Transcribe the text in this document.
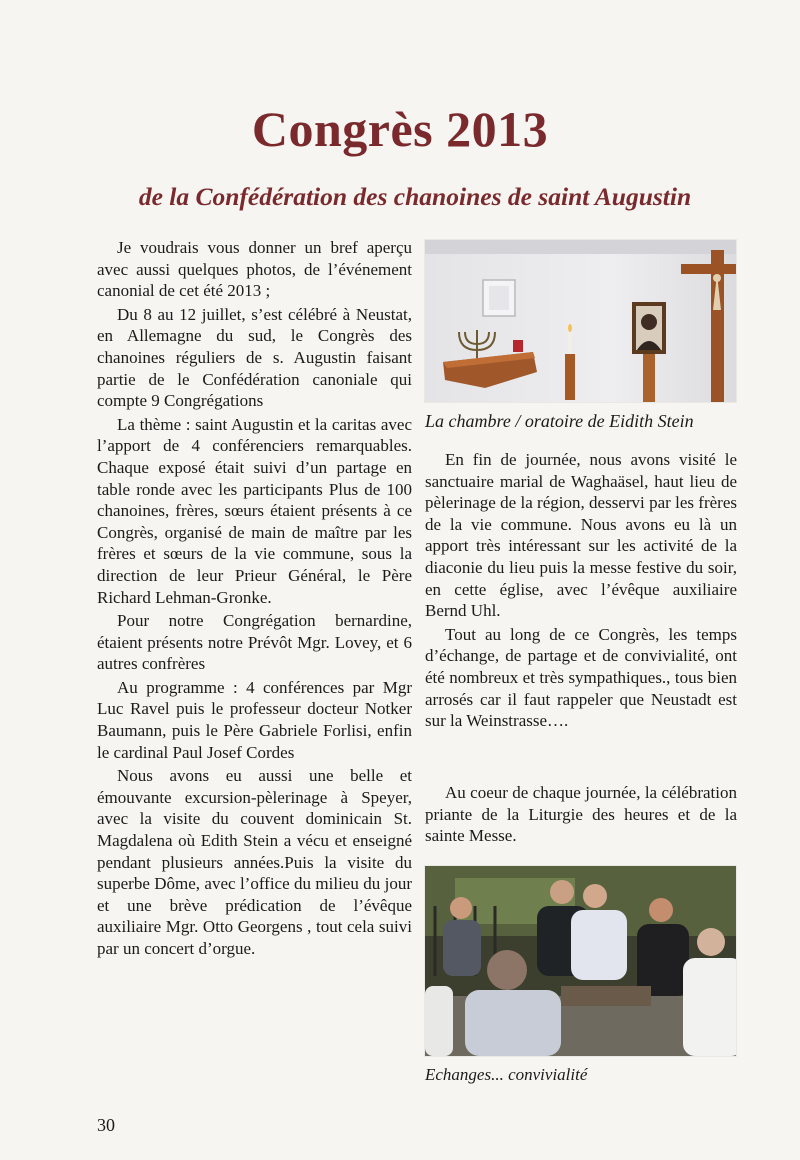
Congrès 2013
de la Confédération des chanoines de saint Augustin

Je voudrais vous donner un bref aperçu avec aussi quelques photos, de l’événement canonial de cet été 2013 ;

Du 8 au 12 juillet, s’est célébré à Neustat, en Allemagne du sud, le Congrès des chanoines réguliers de s. Augustin faisant partie de le Confédération canoniale qui compte 9 Congrégations

La thème : saint Augustin et la caritas avec l’apport de 4 conférenciers remarquables. Chaque exposé était suivi d’un partage en table ronde avec les participants Plus de 100 chanoines, frères, sœurs étaient présents à ce Congrès, organisé de main de maître par les frères et sœurs de la vie commune, sous la direction de leur Prieur Général, le Père Richard Lehman-Gronke.

Pour notre Congrégation bernardine, étaient présents notre Prévôt Mgr. Lovey, et 6 autres confrères

Au programme : 4 conférences par Mgr Luc Ravel puis le professeur docteur Notker Baumann, puis le Père Gabriele Forlisi, enfin le cardinal Paul Josef Cordes

Nous avons eu aussi une belle et émouvante excursion-pèlerinage à Speyer, avec la visite du couvent dominicain St. Magdalena où Edith Stein a vécu et enseigné pendant plusieurs années.Puis la visite du superbe Dôme, avec l’office du milieu du jour et une brève prédication de l’évêque auxiliaire Mgr. Otto Georgens , tout cela suivi par un concert d’orgue.

La chambre / oratoire de Eidith Stein

En fin de journée, nous avons visité le sanctuaire marial de Waghaäsel, haut lieu de pèlerinage de la région, desservi par les frères de la vie commune. Nous avons eu là un apport très intéressant sur les activité de la diaconie du lieu puis la messe festive du soir, en cette église, avec l’évêque auxiliaire Bernd Uhl.

Tout au long de ce Congrès, les temps d’échange, de partage et de convivialité, ont été nombreux et très sympathiques., tous bien arrosés car il faut rappeler que Neustadt est sur la Weinstrasse….

Au coeur de chaque journée, la célébration priante de la Liturgie des heures et de la sainte Messe.

Echanges... convivialité
30
